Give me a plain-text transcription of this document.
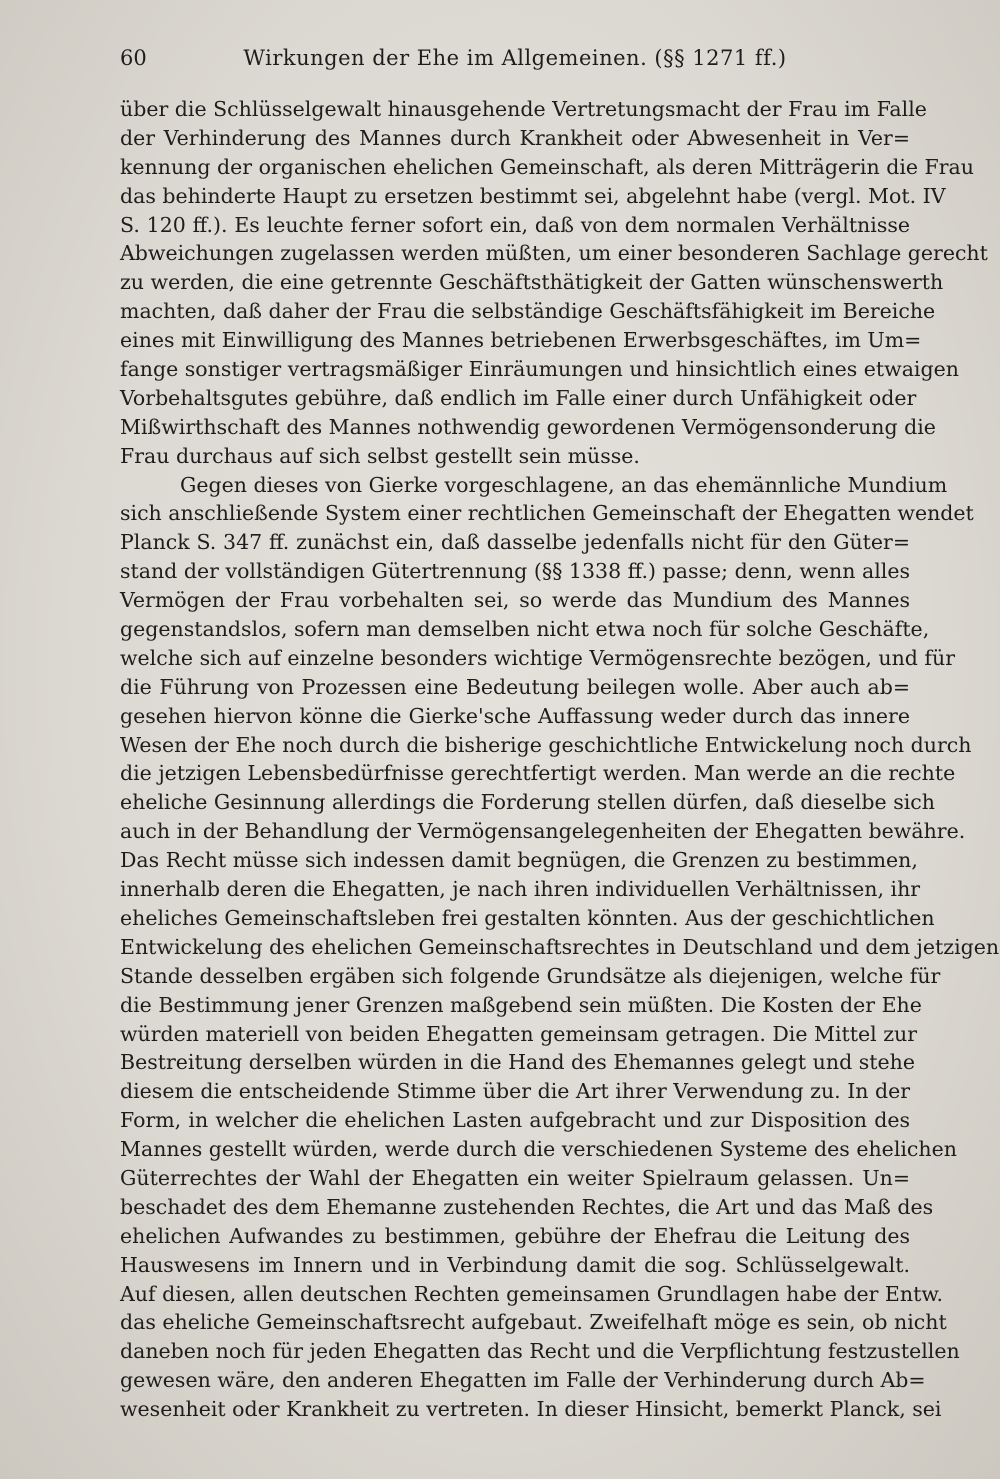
60	Wirkungen der Ehe im Allgemeinen. (§§ 1271 ff.)
über die Schlüsselgewalt hinausgehende Vertretungsmacht der Frau im Falle
der Verhinderung des Mannes durch Krankheit oder Abwesenheit in Ver=
kennung der organischen ehelichen Gemeinschaft, als deren Mitträgerin die Frau
das behinderte Haupt zu ersetzen bestimmt sei, abgelehnt habe (vergl. Mot. IV
S. 120 ff.). Es leuchte ferner sofort ein, daß von dem normalen Verhältnisse
Abweichungen zugelassen werden müßten, um einer besonderen Sachlage gerecht
zu werden, die eine getrennte Geschäftsthätigkeit der Gatten wünschenswerth
machten, daß daher der Frau die selbständige Geschäftsfähigkeit im Bereiche
eines mit Einwilligung des Mannes betriebenen Erwerbsgeschäftes, im Um=
fange sonstiger vertragsmäßiger Einräumungen und hinsichtlich eines etwaigen
Vorbehaltsgutes gebühre, daß endlich im Falle einer durch Unfähigkeit oder
Mißwirthschaft des Mannes nothwendig gewordenen Vermögensonderung die
Frau durchaus auf sich selbst gestellt sein müsse.
Gegen dieses von Gierke vorgeschlagene, an das ehemännliche Mundium
sich anschließende System einer rechtlichen Gemeinschaft der Ehegatten wendet
Planck S. 347 ff. zunächst ein, daß dasselbe jedenfalls nicht für den Güter=
stand der vollständigen Gütertrennung (§§ 1338 ff.) passe; denn, wenn alles
Vermögen der Frau vorbehalten sei, so werde das Mundium des Mannes
gegenstandslos, sofern man demselben nicht etwa noch für solche Geschäfte,
welche sich auf einzelne besonders wichtige Vermögensrechte bezögen, und für
die Führung von Prozessen eine Bedeutung beilegen wolle. Aber auch ab=
gesehen hiervon könne die Gierke'sche Auffassung weder durch das innere
Wesen der Ehe noch durch die bisherige geschichtliche Entwickelung noch durch
die jetzigen Lebensbedürfnisse gerechtfertigt werden. Man werde an die rechte
eheliche Gesinnung allerdings die Forderung stellen dürfen, daß dieselbe sich
auch in der Behandlung der Vermögensangelegenheiten der Ehegatten bewähre.
Das Recht müsse sich indessen damit begnügen, die Grenzen zu bestimmen,
innerhalb deren die Ehegatten, je nach ihren individuellen Verhältnissen, ihr
eheliches Gemeinschaftsleben frei gestalten könnten. Aus der geschichtlichen
Entwickelung des ehelichen Gemeinschaftsrechtes in Deutschland und dem jetzigen
Stande desselben ergäben sich folgende Grundsätze als diejenigen, welche für
die Bestimmung jener Grenzen maßgebend sein müßten. Die Kosten der Ehe
würden materiell von beiden Ehegatten gemeinsam getragen. Die Mittel zur
Bestreitung derselben würden in die Hand des Ehemannes gelegt und stehe
diesem die entscheidende Stimme über die Art ihrer Verwendung zu. In der
Form, in welcher die ehelichen Lasten aufgebracht und zur Disposition des
Mannes gestellt würden, werde durch die verschiedenen Systeme des ehelichen
Güterrechtes der Wahl der Ehegatten ein weiter Spielraum gelassen. Un=
beschadet des dem Ehemanne zustehenden Rechtes, die Art und das Maß des
ehelichen Aufwandes zu bestimmen, gebühre der Ehefrau die Leitung des
Hauswesens im Innern und in Verbindung damit die sog. Schlüsselgewalt.
Auf diesen, allen deutschen Rechten gemeinsamen Grundlagen habe der Entw.
das eheliche Gemeinschaftsrecht aufgebaut. Zweifelhaft möge es sein, ob nicht
daneben noch für jeden Ehegatten das Recht und die Verpflichtung festzustellen
gewesen wäre, den anderen Ehegatten im Falle der Verhinderung durch Ab=
wesenheit oder Krankheit zu vertreten. In dieser Hinsicht, bemerkt Planck, sei
